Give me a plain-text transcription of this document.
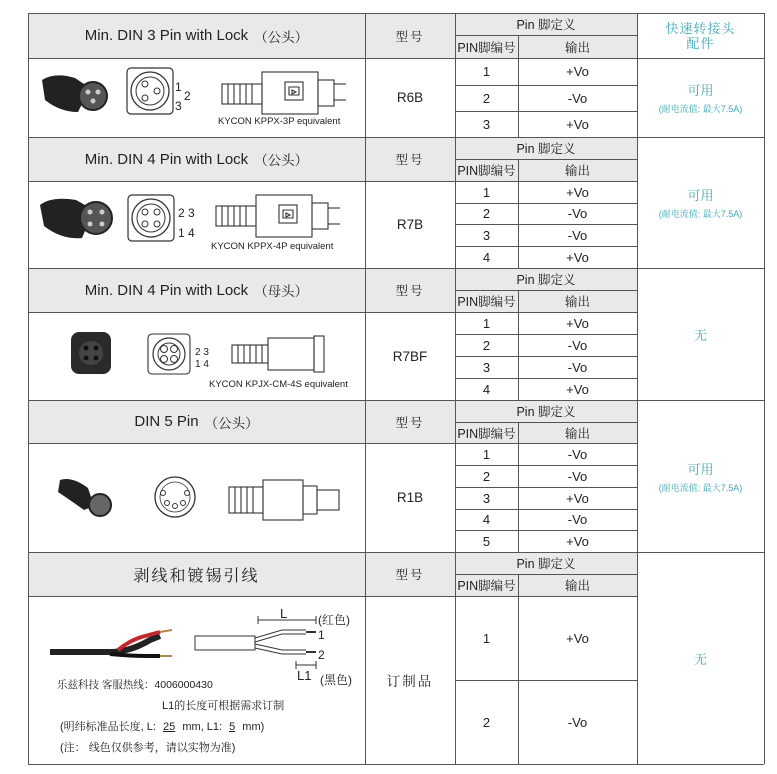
Min. DIN 3 Pin with Lock （公头）	型号
Pin 脚定义
PIN脚编号	输出
R6B
1	+Vo
2	-Vo
3	+Vo
可用
(耐电流值: 最大7.5A)
Min. DIN 4 Pin with Lock （公头）	型号
Pin 脚定义
PIN脚编号	输出
R7B
1	+Vo
2	-Vo
3	-Vo
4	+Vo
可用
(耐电流值: 最大7.5A)
Min. DIN 4 Pin with Lock （母头）	型号
Pin 脚定义
PIN脚编号	输出
R7BF
1	+Vo
2	-Vo
3	-Vo
4	+Vo
无
DIN 5 Pin （公头）	型号
Pin 脚定义
PIN脚编号	输出
R1B
1	-Vo
2	-Vo
3	+Vo
4	-Vo
5	+Vo
可用
(耐电流值: 最大7.5A)
剥线和镀锡引线	型号
Pin 脚定义
PIN脚编号	输出
订制品
1	+Vo
2	-Vo
无
快速转接头
配件
KYCON KPPX-3P equivalent
KYCON KPPX-4P equivalent
KYCON KPJX-CM-4S equivalent
1
2
3
2 3
1 4
2 3
1 4
L	(红色)
1
2
L1 (黑色)
乐兹科技 客服热线：4006000430
L1的长度可根据需求订制
(明纬标准品长度, L: 25 mm, L1: 5 mm)
(注： 线色仅供参考，请以实物为准)
